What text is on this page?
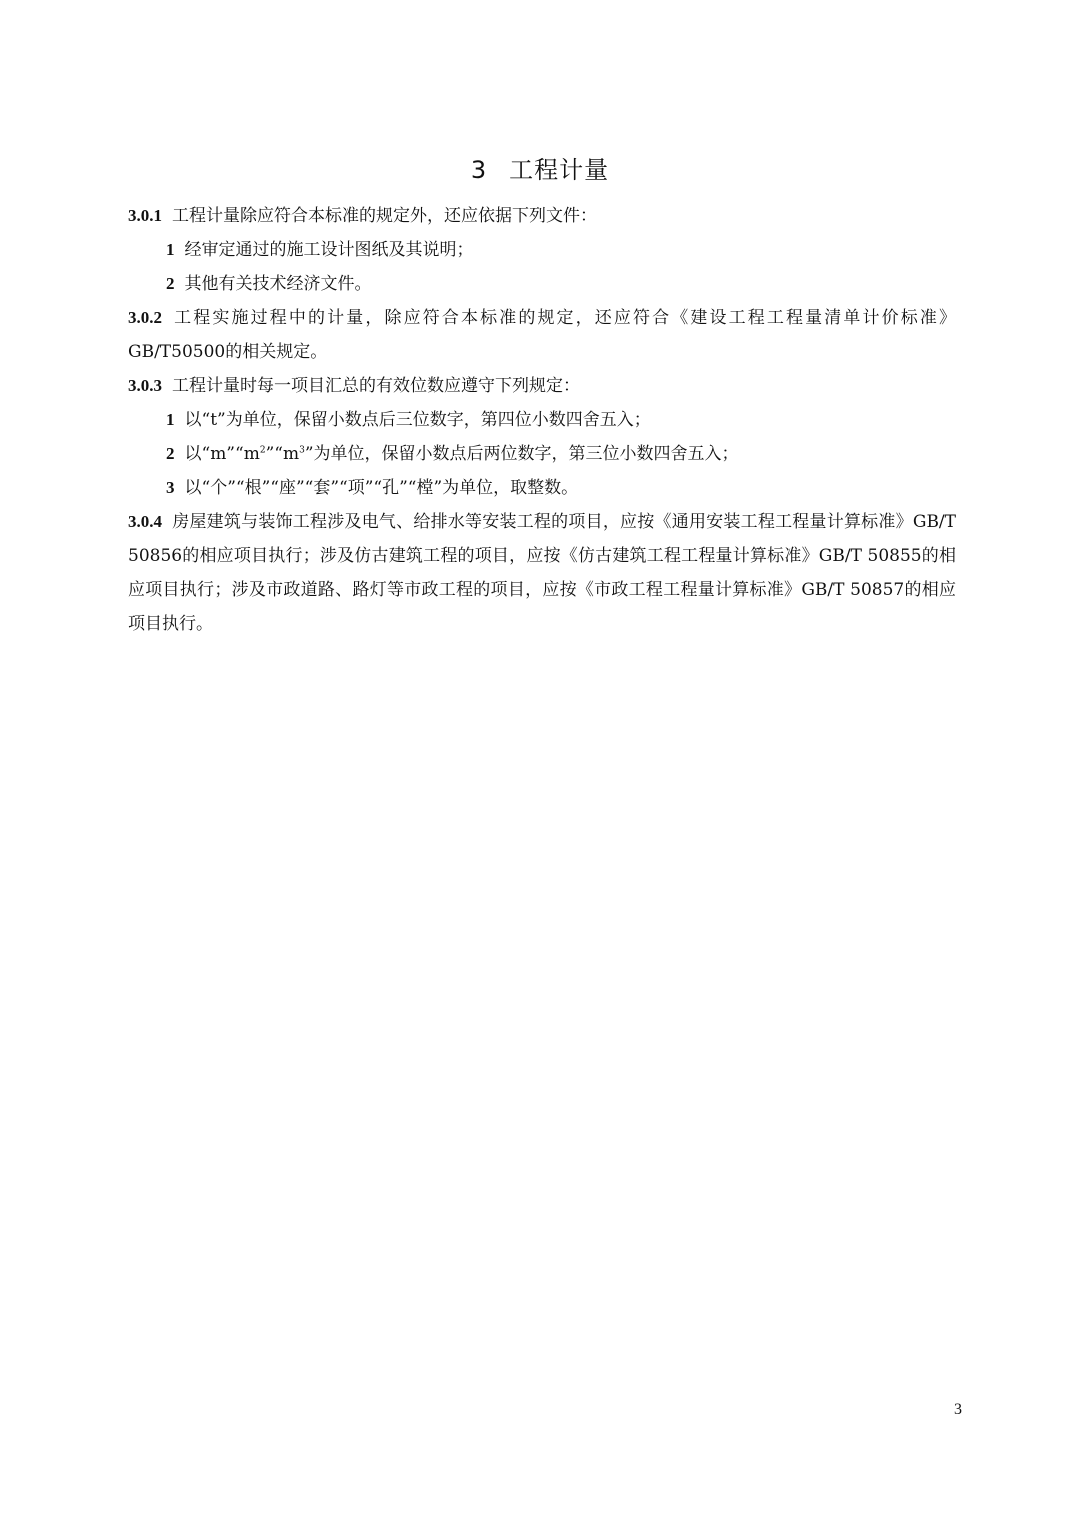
3 工程计量

3.0.1 工程计量除应符合本标准的规定外，还应依据下列文件：

1 经审定通过的施工设计图纸及其说明；

2 其他有关技术经济文件。

3.0.2 工程实施过程中的计量，除应符合本标准的规定，还应符合《建设工程工程量清单计价标准》GB/T50500的相关规定。

3.0.3 工程计量时每一项目汇总的有效位数应遵守下列规定：

1 以“t”为单位，保留小数点后三位数字，第四位小数四舍五入；

2 以“$m”“m^2”“m^3$”为单位，保留小数点后两位数字，第三位小数四舍五入；

3 以“个”“根”“座”“套”“项”“孔”“樘”为单位，取整数。

3.0.4 房屋建筑与装饰工程涉及电气、给排水等安装工程的项目，应按《通用安装工程工程量计算标准》GB/T 50856的相应项目执行；涉及仿古建筑工程的项目，应按《仿古建筑工程工程量计算标准》GB/T 50855的相应项目执行；涉及市政道路、路灯等市政工程的项目，应按《市政工程工程量计算标准》GB/T 50857的相应项目执行。

3
